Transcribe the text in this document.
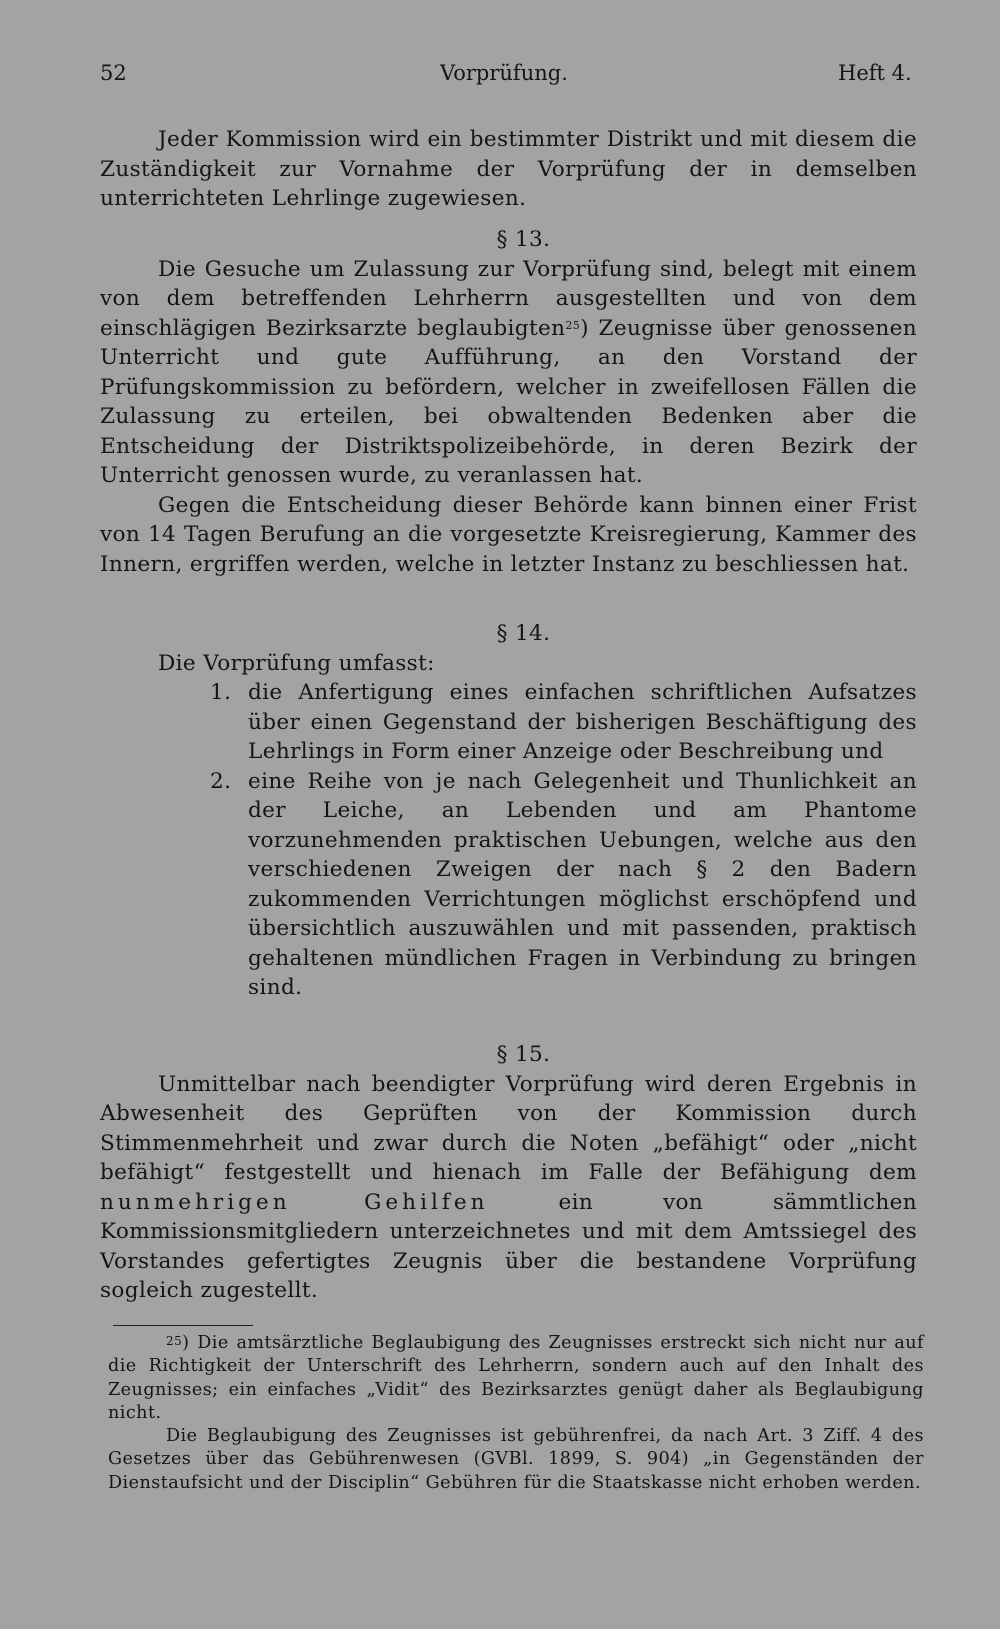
52	Vorprüfung.	Heft 4.

Jeder Kommission wird ein bestimmter Distrikt und mit diesem die Zuständigkeit zur Vornahme der Vorprüfung der in demselben unterrichteten Lehrlinge zugewiesen.

§ 13.

Die Gesuche um Zulassung zur Vorprüfung sind, belegt mit einem von dem betreffenden Lehrherrn ausgestellten und von dem einschlägigen Bezirksarzte beglaubigten$^{25}$) Zeugnisse über genossenen Unterricht und gute Aufführung, an den Vorstand der Prüfungskommission zu befördern, welcher in zweifellosen Fällen die Zulassung zu erteilen, bei obwaltenden Bedenken aber die Entscheidung der Distriktspolizeibehörde, in deren Bezirk der Unterricht genossen wurde, zu veranlassen hat.

Gegen die Entscheidung dieser Behörde kann binnen einer Frist von 14 Tagen Berufung an die vorgesetzte Kreisregierung, Kammer des Innern, ergriffen werden, welche in letzter Instanz zu beschliessen hat.

§ 14.

Die Vorprüfung umfasst:

1. die Anfertigung eines einfachen schriftlichen Aufsatzes über einen Gegenstand der bisherigen Beschäftigung des Lehrlings in Form einer Anzeige oder Beschreibung und
2. eine Reihe von je nach Gelegenheit und Thunlichkeit an der Leiche, an Lebenden und am Phantome vorzunehmenden praktischen Uebungen, welche aus den verschiedenen Zweigen der nach § 2 den Badern zukommenden Verrichtungen möglichst erschöpfend und übersichtlich auszuwählen und mit passenden, praktisch gehaltenen mündlichen Fragen in Verbindung zu bringen sind.

§ 15.

Unmittelbar nach beendigter Vorprüfung wird deren Ergebnis in Abwesenheit des Geprüften von der Kommission durch Stimmenmehrheit und zwar durch die Noten „befähigt“ oder „nicht befähigt“ festgestellt und hienach im Falle der Befähigung dem nunmehrigen Gehilfen	ein von sämmtlichen Kommissionsmitgliedern unterzeichnetes und mit dem Amtssiegel des Vorstandes gefertigtes Zeugnis über die bestandene Vorprüfung sogleich zugestellt.

$^{25}$) Die amtsärztliche Beglaubigung des Zeugnisses erstreckt sich nicht nur auf die Richtigkeit der Unterschrift des Lehrherrn, sondern auch auf den Inhalt des Zeugnisses; ein einfaches „Vidit“ des Bezirksarztes genügt daher als Beglaubigung nicht.

Die Beglaubigung des Zeugnisses ist gebührenfrei, da nach Art. 3 Ziff. 4 des Gesetzes über das Gebührenwesen (GVBl. 1899, S. 904) „in Gegenständen der Dienstaufsicht und der Disciplin“ Gebühren für die Staatskasse nicht erhoben werden.
